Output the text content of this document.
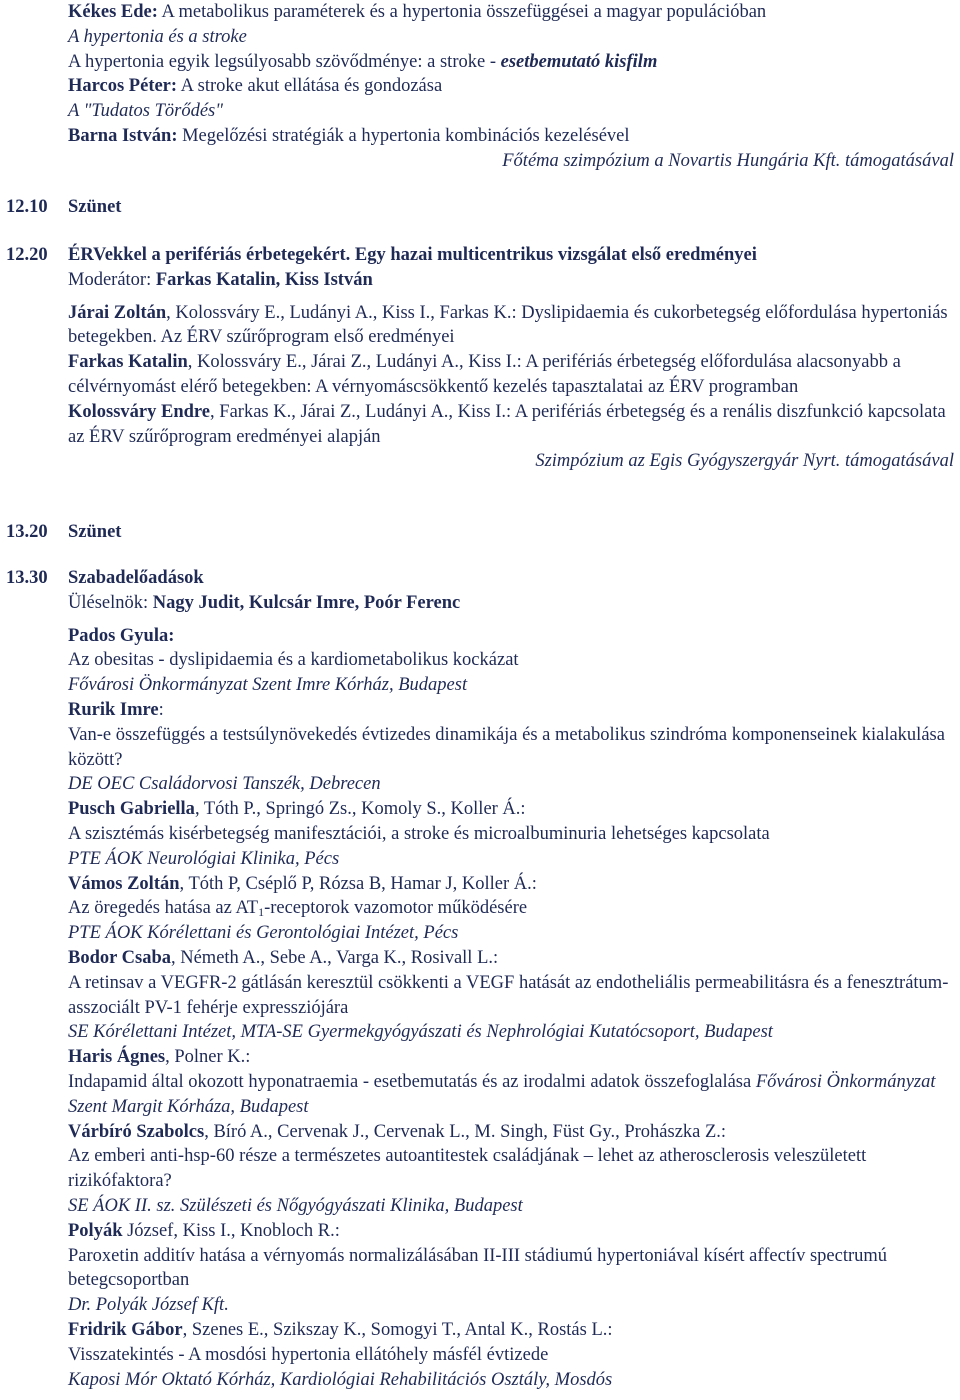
Kékes Ede: A metabolikus paraméterek és a hypertonia összefüggései a magyar populációban
A hypertonia és a stroke
A hypertonia egyik legsúlyosabb szövődménye: a stroke - esetbemutató kisfilm
Harcos Péter: A stroke akut ellátása és gondozása
A "Tudatos Törődés"
Barna István: Megelőzési stratégiák a hypertonia kombinációs kezelésével
Főtéma szimpózium a Novartis Hungária Kft. támogatásával
12.10 Szünet
12.20 ÉRVekkel a perifériás érbetegekért. Egy hazai multicentrikus vizsgálat első eredményei
Moderátor: Farkas Katalin, Kiss István
Járai Zoltán, Kolossváry E., Ludányi A., Kiss I., Farkas K.: Dyslipidaemia és cukorbetegség előfordulása hypertoniás betegekben. Az ÉRV szűrőprogram első eredményei
Farkas Katalin, Kolossváry E., Járai Z., Ludányi A., Kiss I.: A perifériás érbetegség előfordulása alacsonyabb a célvérnyomást elérő betegekben: A vérnyomáscsökkentő kezelés tapasztalatai az ÉRV programban
Kolossváry Endre, Farkas K., Járai Z., Ludányi A., Kiss I.: A perifériás érbetegség és a renális diszfunkció kapcsolata az ÉRV szűrőprogram eredményei alapján
Szimpózium az Egis Gyógyszergyár Nyrt. támogatásával
13.20 Szünet
13.30 Szabadelőadások
Üléselnök: Nagy Judit, Kulcsár Imre, Poór Ferenc
Pados Gyula:
Az obesitas - dyslipidaemia és a kardiometabolikus kockázat
Fővárosi Önkormányzat Szent Imre Kórház, Budapest
Rurik Imre:
Van-e összefüggés a testsúlynövekedés évtizedes dinamikája és a metabolikus szindróma komponenseinek kialakulása között?
DE OEC Családorvosi Tanszék, Debrecen
Pusch Gabriella, Tóth P., Springó Zs., Komoly S., Koller Á.:
A szisztémás kisérbetegség manifesztációi, a stroke és microalbuminuria lehetséges kapcsolata
PTE ÁOK Neurológiai Klinika, Pécs
Vámos Zoltán, Tóth P, Cséplő P, Rózsa B, Hamar J, Koller Á.:
Az öregedés hatása az $AT_1$-receptorok vazomotor működésére
PTE ÁOK Kórélettani és Gerontológiai Intézet, Pécs
Bodor Csaba, Németh A., Sebe A., Varga K., Rosivall L.:
A retinsav a VEGFR-2 gátlásán keresztül csökkenti a VEGF hatását az endotheliális permeabilitásra és a fenesztrátum-asszociált PV-1 fehérje expressziójára
SE Kórélettani Intézet, MTA-SE Gyermekgyógyászati és Nephrológiai Kutatócsoport, Budapest
Haris Ágnes, Polner K.:
Indapamid által okozott hyponatraemia - esetbemutatás és az irodalmi adatok összefoglalása Fővárosi Önkormányzat Szent Margit Kórháza, Budapest
Várbíró Szabolcs, Bíró A., Cervenak J., Cervenak L., M. Singh, Füst Gy., Prohászka Z.:
Az emberi anti-hsp-60 része a természetes autoantitestek családjának – lehet az atherosclerosis veleszületett rizikófaktora?
SE ÁOK II. sz. Szülészeti és Nőgyógyászati Klinika, Budapest
Polyák József, Kiss I., Knobloch R.:
Paroxetin additív hatása a vérnyomás normalizálásában II-III stádiumú hypertoniával kísért affectív spectrumú betegcsoportban
Dr. Polyák József Kft.
Fridrik Gábor, Szenes E., Szikszay K., Somogyi T., Antal K., Rostás L.:
Visszatekintés - A mosdósi hypertonia ellátóhely másfél évtizede
Kaposi Mór Oktató Kórház, Kardiológiai Rehabilitációs Osztály, Mosdós
